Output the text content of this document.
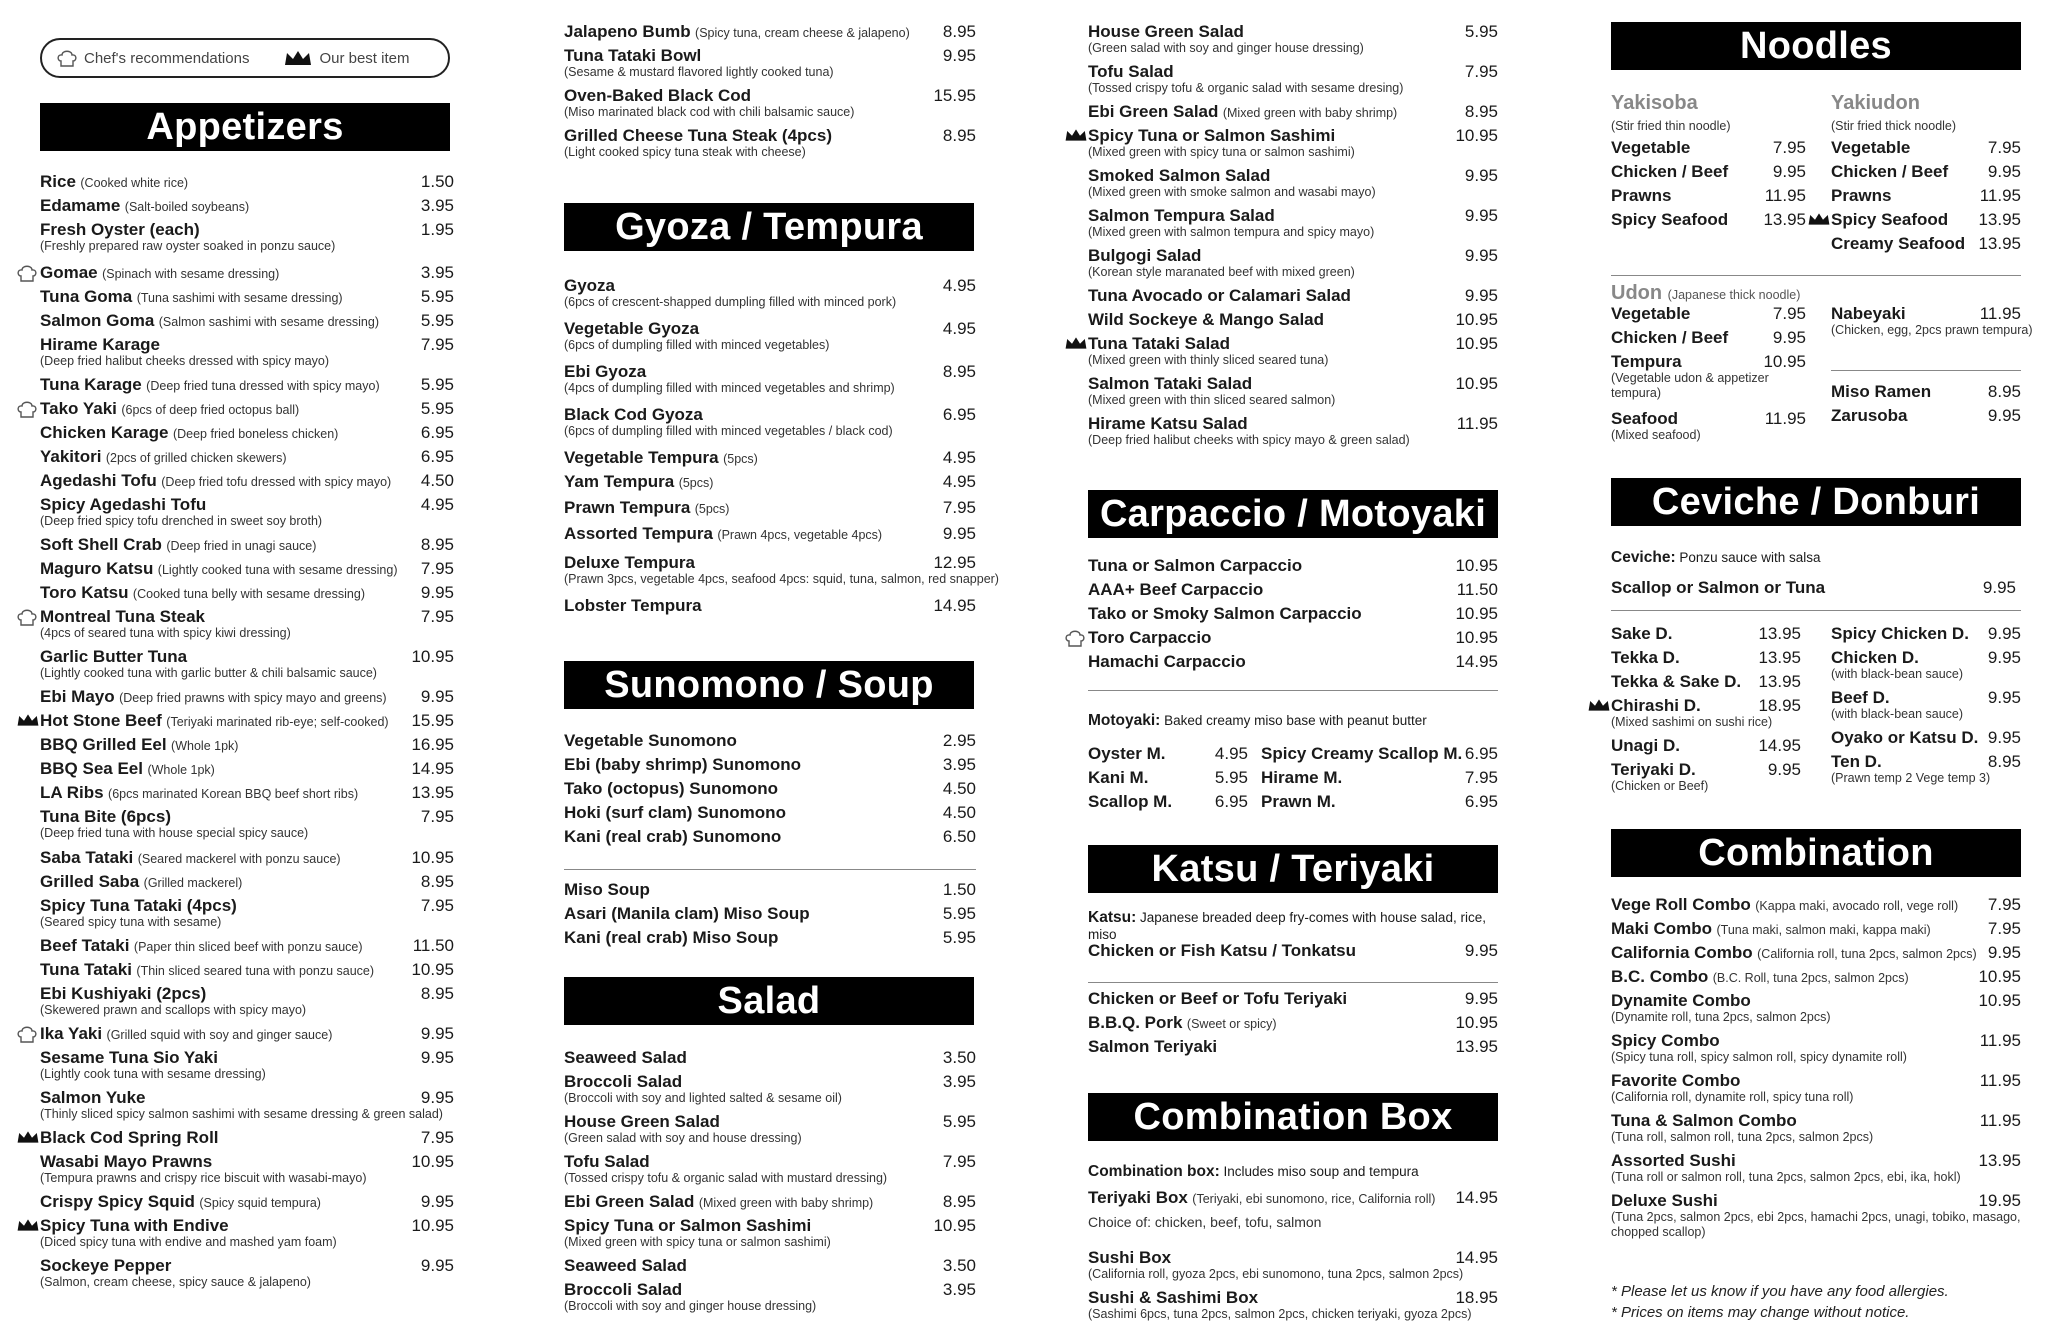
Chef's recommendations	Our best item
Appetizers
Rice (Cooked white rice)	1.50
Edamame (Salt-boiled soybeans)	3.95
Fresh Oyster (each)	1.95
(Freshly prepared raw oyster soaked in ponzu sauce)
Gomae (Spinach with sesame dressing)	3.95
Tuna Goma (Tuna sashimi with sesame dressing)	5.95
Salmon Goma (Salmon sashimi with sesame dressing) 5.95
Hirame Karage	7.95
(Deep fried halibut cheeks dressed with spicy mayo)
Tuna Karage (Deep fried tuna dressed with spicy mayo) 5.95
Tako Yaki (6pcs of deep fried octopus ball)	5.95
Chicken Karage (Deep fried boneless chicken)	6.95
Yakitori (2pcs of grilled chicken skewers)	6.95
Agedashi Tofu (Deep fried tofu dressed with spicy mayo) 4.50
Spicy Agedashi Tofu	4.95
(Deep fried spicy tofu drenched in sweet soy broth)
Soft Shell Crab (Deep fried in unagi sauce)	8.95
Maguro Katsu (Lightly cooked tuna with sesame dressing) 7.95
Toro Katsu (Cooked tuna belly with sesame dressing)	9.95
Montreal Tuna Steak	7.95
(4pcs of seared tuna with spicy kiwi dressing)
Garlic Butter Tuna	10.95
(Lightly cooked tuna with garlic butter & chili balsamic sauce)
Ebi Mayo (Deep fried prawns with spicy mayo and greens) 9.95
Hot Stone Beef (Teriyaki marinated rib-eye; self-cooked) 15.95
BBQ Grilled Eel (Whole 1pk)	16.95
BBQ Sea Eel (Whole 1pk)	14.95
LA Ribs (6pcs marinated Korean BBQ beef short ribs)	13.95
Tuna Bite (6pcs)	7.95
(Deep fried tuna with house special spicy sauce)
Saba Tataki (Seared mackerel with ponzu sauce)	10.95
Grilled Saba (Grilled mackerel)	8.95
Spicy Tuna Tataki (4pcs)	7.95
(Seared spicy tuna with sesame)
Beef Tataki (Paper thin sliced beef with ponzu sauce)	11.50
Tuna Tataki (Thin sliced seared tuna with ponzu sauce) 10.95
Ebi Kushiyaki (2pcs)	8.95
(Skewered prawn and scallops with spicy mayo)
Ika Yaki (Grilled squid with soy and ginger sauce)	9.95
Sesame Tuna Sio Yaki	9.95
(Lightly cook tuna with sesame dressing)
Salmon Yuke	9.95
(Thinly sliced spicy salmon sashimi with sesame dressing & green salad)
Black Cod Spring Roll	7.95
Wasabi Mayo Prawns	10.95
(Tempura prawns and crispy rice biscuit with wasabi-mayo)
Crispy Spicy Squid (Spicy squid tempura)	9.95
Spicy Tuna with Endive	10.95
(Diced spicy tuna with endive and mashed yam foam)
Sockeye Pepper	9.95
(Salmon, cream cheese, spicy sauce & jalapeno)
Jalapeno Bumb (Spicy tuna, cream cheese & jalapeno) 8.95
Tuna Tataki Bowl	9.95
(Sesame & mustard flavored lightly cooked tuna)
Oven-Baked Black Cod	15.95
(Miso marinated black cod with chili balsamic sauce)
Grilled Cheese Tuna Steak (4pcs)	8.95
(Light cooked spicy tuna steak with cheese)
Gyoza / Tempura
Gyoza	4.95
(6pcs of crescent-shapped dumpling filled with minced pork)
Vegetable Gyoza	4.95
(6pcs of dumpling filled with minced vegetables)
Ebi Gyoza	8.95
(4pcs of dumpling filled with minced vegetables and shrimp)
Black Cod Gyoza	6.95
(6pcs of dumpling filled with minced vegetables / black cod)
Vegetable Tempura (5pcs)	4.95
Yam Tempura (5pcs)	4.95
Prawn Tempura (5pcs)	7.95
Assorted Tempura (Prawn 4pcs, vegetable 4pcs)	9.95
Deluxe Tempura	12.95
(Prawn 3pcs, vegetable 4pcs, seafood 4pcs: squid, tuna, salmon, red snapper)
Lobster Tempura	14.95
Sunomono / Soup
Vegetable Sunomono	2.95
Ebi (baby shrimp) Sunomono	3.95
Tako (octopus) Sunomono	4.50
Hoki (surf clam) Sunomono	4.50
Kani (real crab) Sunomono	6.50
Miso Soup	1.50
Asari (Manila clam) Miso Soup	5.95
Kani (real crab) Miso Soup	5.95
Salad
Seaweed Salad	3.50
Broccoli Salad	3.95
(Broccoli with soy and lighted salted & sesame oil)
House Green Salad	5.95
(Green salad with soy and house dressing)
Tofu Salad	7.95
(Tossed crispy tofu & organic salad with mustard dressing)
Ebi Green Salad (Mixed green with baby shrimp)	8.95
Spicy Tuna or Salmon Sashimi	10.95
(Mixed green with spicy tuna or salmon sashimi)
Seaweed Salad	3.50
Broccoli Salad	3.95
(Broccoli with soy and ginger house dressing)
House Green Salad	5.95
(Green salad with soy and ginger house dressing)
Tofu Salad	7.95
(Tossed crispy tofu & organic salad with sesame dresing)
Ebi Green Salad (Mixed green with baby shrimp)	8.95
Spicy Tuna or Salmon Sashimi	10.95
(Mixed green with spicy tuna or salmon sashimi)
Smoked Salmon Salad	9.95
(Mixed green with smoke salmon and wasabi mayo)
Salmon Tempura Salad	9.95
(Mixed green with salmon tempura and spicy mayo)
Bulgogi Salad	9.95
(Korean style maranated beef with mixed green)
Tuna Avocado or Calamari Salad	9.95
Wild Sockeye & Mango Salad	10.95
Tuna Tataki Salad	10.95
(Mixed green with thinly sliced seared tuna)
Salmon Tataki Salad	10.95
(Mixed green with thin sliced seared salmon)
Hirame Katsu Salad	11.95
(Deep fried halibut cheeks with spicy mayo & green salad)
Carpaccio / Motoyaki
Tuna or Salmon Carpaccio	10.95
AAA+ Beef Carpaccio	11.50
Tako or Smoky Salmon Carpaccio	10.95
Toro Carpaccio	10.95
Hamachi Carpaccio	14.95
Motoyaki: Baked creamy miso base with peanut butter
Oyster M.	4.95
Kani M.	5.95
Scallop M.	6.95
Spicy Creamy Scallop M. 6.95
Hirame M.	7.95
Prawn M.	6.95
Katsu / Teriyaki
Katsu: Japanese breaded deep fry-comes with house salad, rice, miso
Chicken or Fish Katsu / Tonkatsu	9.95
Chicken or Beef or Tofu Teriyaki	9.95
B.B.Q. Pork (Sweet or spicy)	10.95
Salmon Teriyaki	13.95
Combination Box
Combination box: Includes miso soup and tempura
Teriyaki Box (Teriyaki, ebi sunomono, rice, California roll) 14.95
Choice of: chicken, beef, tofu, salmon
Sushi Box	14.95
(California roll, gyoza 2pcs, ebi sunomono, tuna 2pcs, salmon 2pcs)
Sushi & Sashimi Box	18.95
(Sashimi 6pcs, tuna 2pcs, salmon 2pcs, chicken teriyaki, gyoza 2pcs)
Noodles
Yakisoba
(Stir fried thin noodle)
Vegetable	7.95
Chicken / Beef	9.95
Prawns	11.95
Spicy Seafood 13.95
Yakiudon
(Stir fried thick noodle)
Vegetable	7.95
Chicken / Beef 9.95
Prawns	11.95
Spicy Seafood 13.95
Creamy Seafood 13.95
Udon (Japanese thick noodle)
Vegetable	7.95
Chicken / Beef	9.95
Tempura	10.95
(Vegetable udon & appetizer
tempura)
Seafood	11.95
(Mixed seafood)
Nabeyaki	11.95
(Chicken, egg, 2pcs prawn tempura)
Miso Ramen	8.95
Zarusoba	9.95
Ceviche / Donburi
Ceviche: Ponzu sauce with salsa
Scallop or Salmon or Tuna	9.95
Sake D.	13.95
Tekka D.	13.95
Tekka & Sake D. 13.95
Chirashi D.	18.95
(Mixed sashimi on sushi rice)
Unagi D.	14.95
Teriyaki D.	9.95
(Chicken or Beef)
Spicy Chicken D. 9.95
Chicken D.	9.95
(with black-bean sauce)
Beef D.	9.95
(with black-bean sauce)
Oyako or Katsu D. 9.95
Ten D.	8.95
(Prawn temp 2 Vege temp 3)
Combination
Vege Roll Combo (Kappa maki, avocado roll, vege roll) 7.95
Maki Combo (Tuna maki, salmon maki, kappa maki)	7.95
California Combo (California roll, tuna 2pcs, salmon 2pcs) 9.95
B.C. Combo (B.C. Roll, tuna 2pcs, salmon 2pcs)	10.95
Dynamite Combo	10.95
(Dynamite roll, tuna 2pcs, salmon 2pcs)
Spicy Combo	11.95
(Spicy tuna roll, spicy salmon roll, spicy dynamite roll)
Favorite Combo	11.95
(California roll, dynamite roll, spicy tuna roll)
Tuna & Salmon Combo	11.95
(Tuna roll, salmon roll, tuna 2pcs, salmon 2pcs)
Assorted Sushi	13.95
(Tuna roll or salmon roll, tuna 2pcs, salmon 2pcs, ebi, ika, hokl)
Deluxe Sushi	19.95
(Tuna 2pcs, salmon 2pcs, ebi 2pcs, hamachi 2pcs, unagi, tobiko, masago,
chopped scallop)
* Please let us know if you have any food allergies.
* Prices on items may change without notice.
